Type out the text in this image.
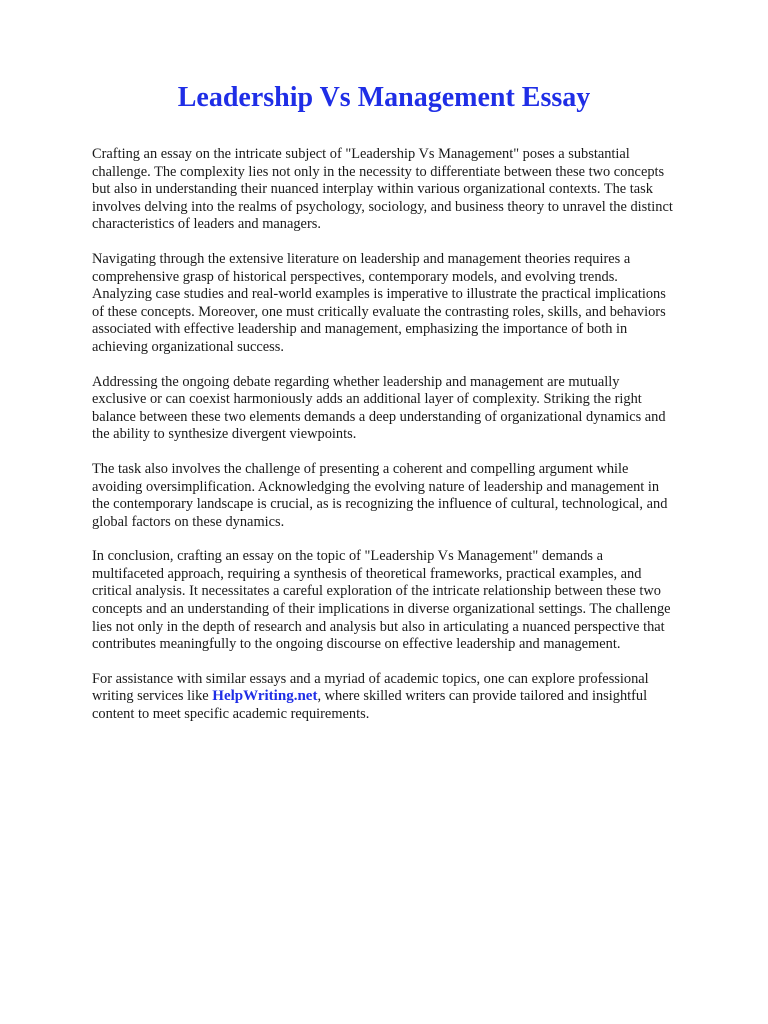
Leadership Vs Management Essay

Crafting an essay on the intricate subject of "Leadership Vs Management" poses a substantial
challenge. The complexity lies not only in the necessity to differentiate between these two concepts
but also in understanding their nuanced interplay within various organizational contexts. The task
involves delving into the realms of psychology, sociology, and business theory to unravel the distinct
characteristics of leaders and managers.

Navigating through the extensive literature on leadership and management theories requires a
comprehensive grasp of historical perspectives, contemporary models, and evolving trends.
Analyzing case studies and real-world examples is imperative to illustrate the practical implications
of these concepts. Moreover, one must critically evaluate the contrasting roles, skills, and behaviors
associated with effective leadership and management, emphasizing the importance of both in
achieving organizational success.

Addressing the ongoing debate regarding whether leadership and management are mutually
exclusive or can coexist harmoniously adds an additional layer of complexity. Striking the right
balance between these two elements demands a deep understanding of organizational dynamics and
the ability to synthesize divergent viewpoints.

The task also involves the challenge of presenting a coherent and compelling argument while
avoiding oversimplification. Acknowledging the evolving nature of leadership and management in
the contemporary landscape is crucial, as is recognizing the influence of cultural, technological, and
global factors on these dynamics.

In conclusion, crafting an essay on the topic of "Leadership Vs Management" demands a
multifaceted approach, requiring a synthesis of theoretical frameworks, practical examples, and
critical analysis. It necessitates a careful exploration of the intricate relationship between these two
concepts and an understanding of their implications in diverse organizational settings. The challenge
lies not only in the depth of research and analysis but also in articulating a nuanced perspective that
contributes meaningfully to the ongoing discourse on effective leadership and management.

For assistance with similar essays and a myriad of academic topics, one can explore professional
writing services like HelpWriting.net, where skilled writers can provide tailored and insightful
content to meet specific academic requirements.
